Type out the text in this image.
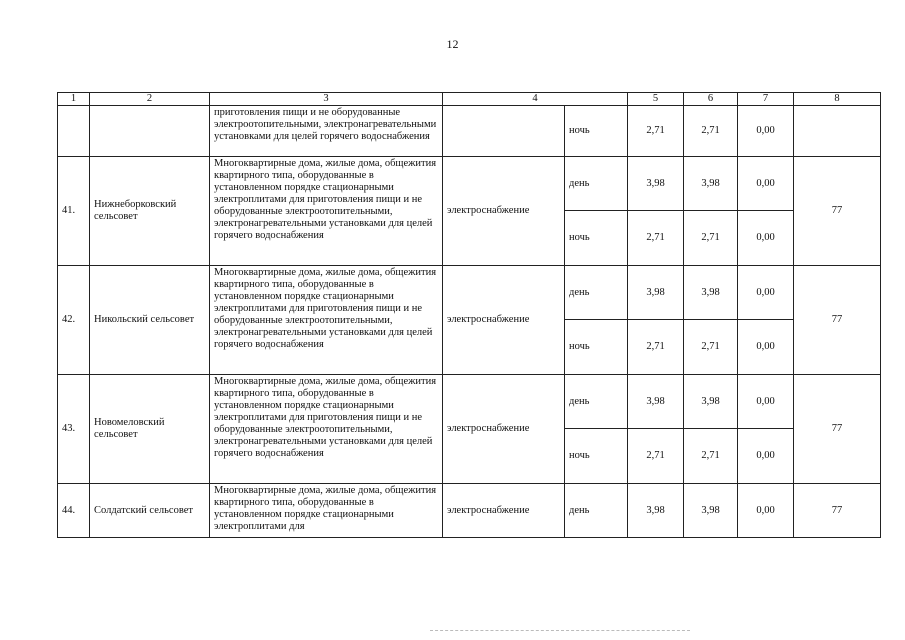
12
1	2	3	4		5	6	7	8
		приготовления пищи и не оборудованные электроотопительными, электронагревательными установками для целей горячего водоснабжения		ночь	2,71	2,71	0,00	
41.	Нижнеборковский сельсовет	Многоквартирные дома, жилые дома, общежития квартирного типа, оборудованные в установленном порядке стационарными электроплитами для приготовления пищи и не оборудованные электроотопительными, электронагревательными установками для целей горячего водоснабжения	электроснабжение	день	3,98	3,98	0,00	77
				ночь	2,71	2,71	0,00	
42.	Никольский сельсовет	Многоквартирные дома, жилые дома, общежития квартирного типа, оборудованные в установленном порядке стационарными электроплитами для приготовления пищи и не оборудованные электроотопительными, электронагревательными установками для целей горячего водоснабжения	электроснабжение	день	3,98	3,98	0,00	77
				ночь	2,71	2,71	0,00	
43.	Новомеловский сельсовет	Многоквартирные дома, жилые дома, общежития квартирного типа, оборудованные в установленном порядке стационарными электроплитами для приготовления пищи и не оборудованные электроотопительными, электронагревательными установками для целей горячего водоснабжения	электроснабжение	день	3,98	3,98	0,00	77
				ночь	2,71	2,71	0,00	
44.	Солдатский сельсовет	Многоквартирные дома, жилые дома, общежития квартирного типа, оборудованные в установленном порядке стационарными электроплитами для	электроснабжение	день	3,98	3,98	0,00	77
